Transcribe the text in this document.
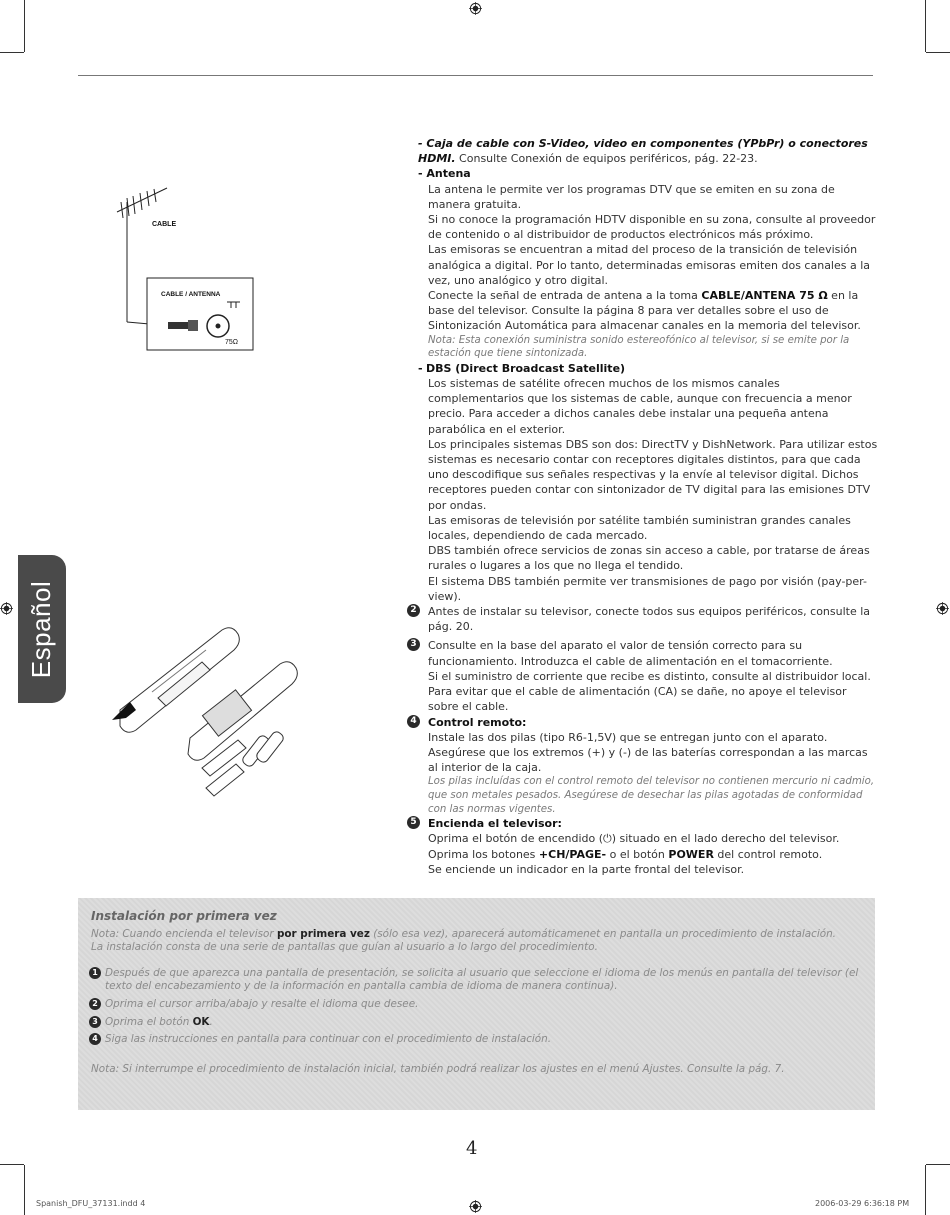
Español
CABLE
CABLE / ANTENNA
75Ω

- Caja de cable con S-Video, video en componentes (YPbPr) o conectores HDMI. Consulte Conexión de equipos periféricos, pág. 22-23.

- Antena

La antena le permite ver los programas DTV que se emiten en su zona de manera gratuita.

Si no conoce la programación HDTV disponible en su zona, consulte al proveedor de contenido o al distribuidor de productos electrónicos más próximo.

Las emisoras se encuentran a mitad del proceso de la transición de televisión analógica a digital. Por lo tanto, determinadas emisoras emiten dos canales a la vez, uno analógico y otro digital.

Conecte la señal de entrada de antena a la toma CABLE/ANTENA 75 Ω en la base del televisor. Consulte la página 8 para ver detalles sobre el uso de Sintonización Automática para almacenar canales en la memoria del televisor.

Nota: Esta conexión suministra sonido estereofónico al televisor, si se emite por la estación que tiene sintonizada.

- DBS (Direct Broadcast Satellite)

Los sistemas de satélite ofrecen muchos de los mismos canales complementarios que los sistemas de cable, aunque con frecuencia a menor precio. Para acceder a dichos canales debe instalar una pequeña antena parabólica en el exterior.

Los principales sistemas DBS son dos: DirectTV y DishNetwork. Para utilizar estos sistemas es necesario contar con receptores digitales distintos, para que cada uno descodifique sus señales respectivas y la envíe al televisor digital. Dichos receptores pueden contar con sintonizador de TV digital para las emisiones DTV por ondas.

Las emisoras de televisión por satélite también suministran grandes canales locales, dependiendo de cada mercado.

DBS también ofrece servicios de zonas sin acceso a cable, por tratarse de áreas rurales o lugares a los que no llega el tendido.

El sistema DBS también permite ver transmisiones de pago por visión (pay-per-view).

2	Antes de instalar su televisor, conecte todos sus equipos periféricos, consulte la pág. 20.

3	Consulte en la base del aparato el valor de tensión correcto para su funcionamiento. Introduzca el cable de alimentación en el tomacorriente.

Si el suministro de corriente que recibe es distinto, consulte al distribuidor local.

Para evitar que el cable de alimentación (CA) se dañe, no apoye el televisor sobre el cable.

4	Control remoto:

Instale las dos pilas (tipo R6-1,5V) que se entregan junto con el aparato. Asegúrese que los extremos (+) y (-) de las baterías correspondan a las marcas al interior de la caja.

Los pilas incluídas con el control remoto del televisor no contienen mercurio ni cadmio, que son metales pesados. Asegúrese de desechar las pilas agotadas de conformidad con las normas vigentes.

5	Encienda el televisor:

Oprima el botón de encendido (⏻) situado en el lado derecho del televisor.

Oprima los botones +CH/PAGE- o el botón POWER del control remoto.

Se enciende un indicador en la parte frontal del televisor.

Instalación por primera vez

Nota: Cuando encienda el televisor por primera vez (sólo esa vez), aparecerá automáticamenet en pantalla un procedimiento de instalación.

La instalación consta de una serie de pantallas que guían al usuario a lo largo del procedimiento.

1 Después de que aparezca una pantalla de presentación, se solicita al usuario que seleccione el idioma de los menús en pantalla del televisor (el texto del encabezamiento y de la información en pantalla cambia de idioma de manera continua).

2 Oprima el cursor arriba/abajo y resalte el idioma que desee.

3 Oprima el botón OK.

4 Siga las instrucciones en pantalla para continuar con el procedimiento de instalación.

Nota: Si interrumpe el procedimiento de instalación inicial, también podrá realizar los ajustes en el menú Ajustes. Consulte la pág. 7.

4
Spanish_DFU_37131.indd 4	2006-03-29 6:36:18 PM
